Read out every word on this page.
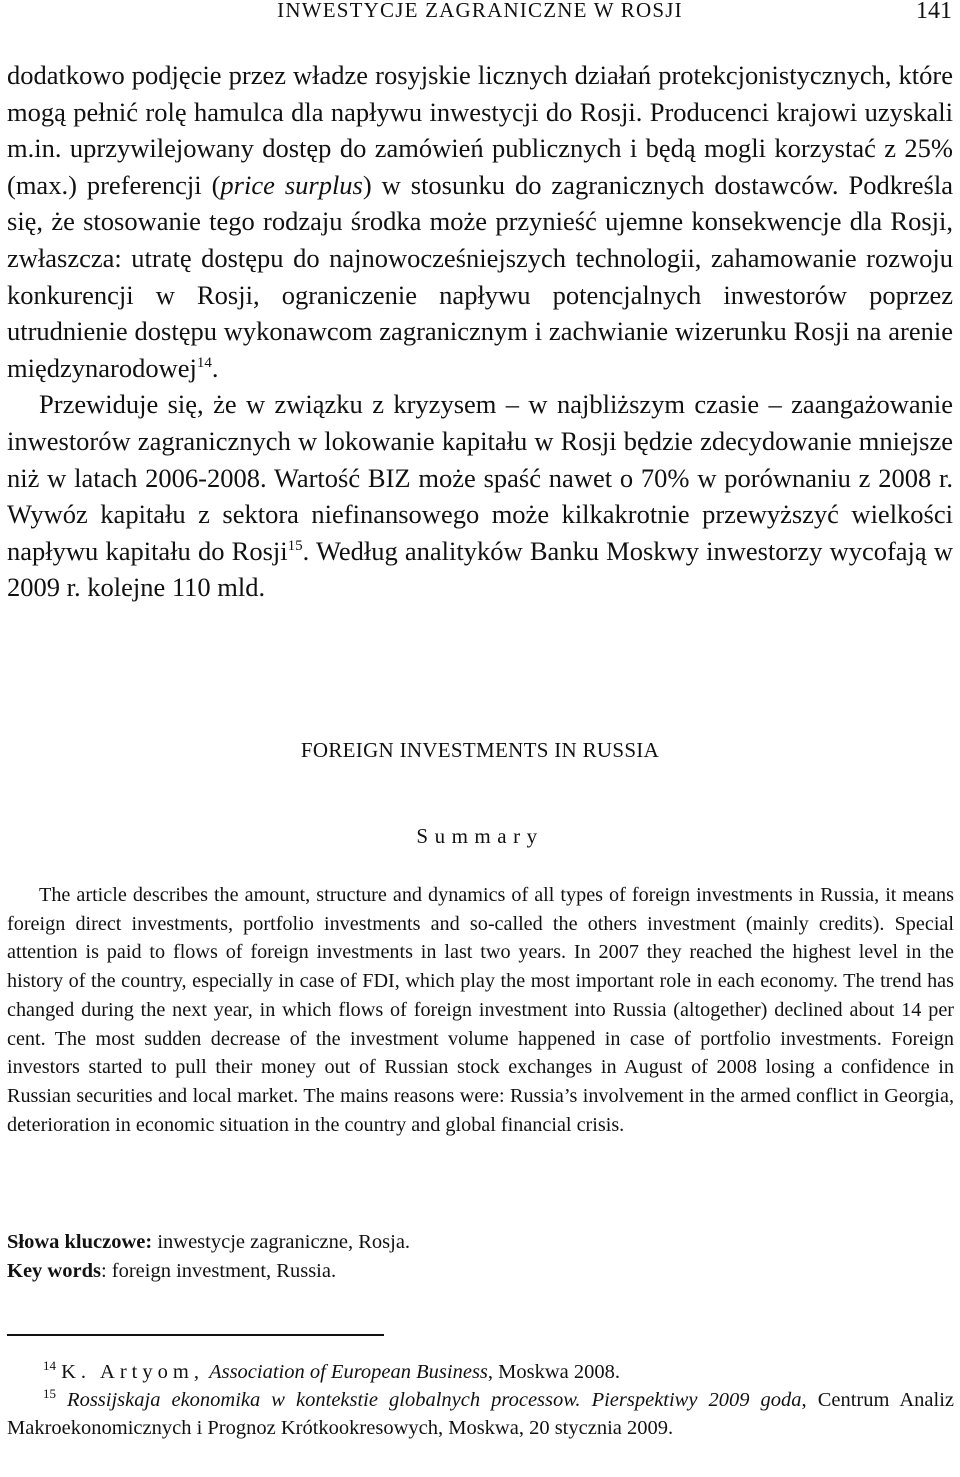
INWESTYCJE ZAGRANICZNE W ROSJI	141

dodatkowo podjęcie przez władze rosyjskie licznych działań protekcjonistycznych, które mogą pełnić rolę hamulca dla napływu inwestycji do Rosji. Producenci krajowi uzyskali m.in. uprzywilejowany dostęp do zamówień publicznych i będą mogli korzystać z 25% (max.) preferencji (price surplus) w stosunku do zagranicznych dostawców. Podkreśla się, że stosowanie tego rodzaju środka może przynieść ujemne konsekwencje dla Rosji, zwłaszcza: utratę dostępu do najnowocześniejszych technologii, zahamowanie rozwoju konkurencji w Rosji, ograniczenie napływu potencjalnych inwestorów poprzez utrudnienie dostępu wykonawcom zagranicznym i zachwianie wizerunku Rosji na arenie międzynarodowej$^{14}$.

Przewiduje się, że w związku z kryzysem – w najbliższym czasie – zaangażowanie inwestorów zagranicznych w lokowanie kapitału w Rosji będzie zdecydowanie mniejsze niż w latach 2006-2008. Wartość BIZ może spaść nawet o 70% w porównaniu z 2008 r. Wywóz kapitału z sektora niefinansowego może kilkakrotnie przewyższyć wielkości napływu kapitału do Rosji$^{15}$. Według analityków Banku Moskwy inwestorzy wycofają w 2009 r. kolejne 110 mld.

FOREIGN INVESTMENTS IN RUSSIA
Summary

The article describes the amount, structure and dynamics of all types of foreign investments in Russia, it means foreign direct investments, portfolio investments and so-called the others investment (mainly credits). Special attention is paid to flows of foreign investments in last two years. In 2007 they reached the highest level in the history of the country, especially in case of FDI, which play the most important role in each economy. The trend has changed during the next year, in which flows of foreign investment into Russia (altogether) declined about 14 per cent. The most sudden decrease of the investment volume happened in case of portfolio investments. Foreign investors started to pull their money out of Russian stock exchanges in August of 2008 losing a confidence in Russian securities and local market. The mains reasons were: Russia’s involvement in the armed conflict in Georgia, deterioration in economic situation in the country and global financial crisis.

Słowa kluczowe: inwestycje zagraniczne, Rosja.

Key words: foreign investment, Russia.

$^{14}$ K. Artyom, Association of European Business, Moskwa 2008.

$^{15}$ Rossijskaja ekonomika w kontekstie globalnych processow. Pierspektiwy 2009 goda, Centrum Analiz Makroekonomicznych i Prognoz Krótkookresowych, Moskwa, 20 stycznia 2009.
